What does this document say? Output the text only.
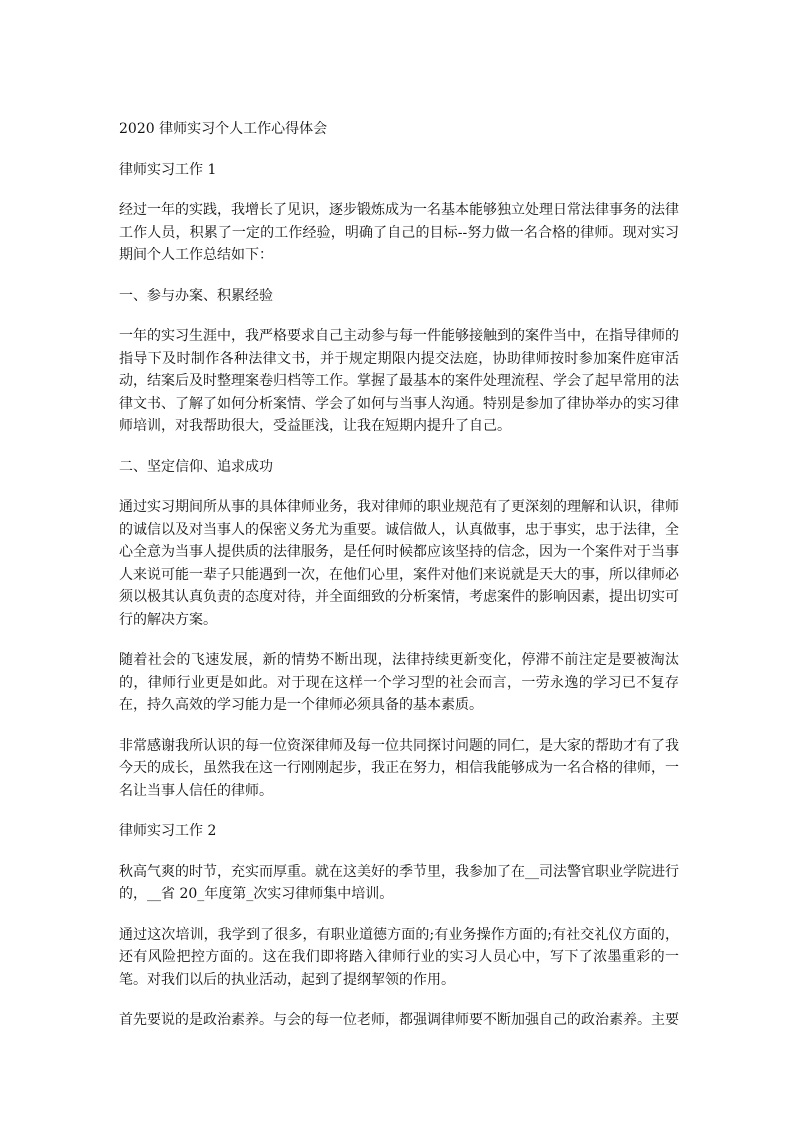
2020 律师实习个人工作心得体会
律师实习工作 1

经过一年的实践，我增长了见识，逐步锻炼成为一名基本能够独立处理日常法律事务的法律工作人员，积累了一定的工作经验，明确了自己的目标--努力做一名合格的律师。现对实习期间个人工作总结如下：

一、参与办案、积累经验

一年的实习生涯中，我严格要求自己主动参与每一件能够接触到的案件当中，在指导律师的指导下及时制作各种法律文书，并于规定期限内提交法庭，协助律师按时参加案件庭审活动，结案后及时整理案卷归档等工作。掌握了最基本的案件处理流程、学会了起早常用的法律文书、了解了如何分析案情、学会了如何与当事人沟通。特别是参加了律协举办的实习律师培训，对我帮助很大，受益匪浅，让我在短期内提升了自己。

二、坚定信仰、追求成功

通过实习期间所从事的具体律师业务，我对律师的职业规范有了更深刻的理解和认识，律师的诚信以及对当事人的保密义务尤为重要。诚信做人，认真做事，忠于事实，忠于法律，全心全意为当事人提供质的法律服务，是任何时候都应该坚持的信念，因为一个案件对于当事人来说可能一辈子只能遇到一次，在他们心里，案件对他们来说就是天大的事，所以律师必须以极其认真负责的态度对待，并全面细致的分析案情，考虑案件的影响因素，提出切实可行的解决方案。

随着社会的飞速发展，新的情势不断出现，法律持续更新变化，停滞不前注定是要被淘汰的，律师行业更是如此。对于现在这样一个学习型的社会而言，一劳永逸的学习已不复存在，持久高效的学习能力是一个律师必须具备的基本素质。

非常感谢我所认识的每一位资深律师及每一位共同探讨问题的同仁，是大家的帮助才有了我今天的成长，虽然我在这一行刚刚起步，我正在努力，相信我能够成为一名合格的律师，一名让当事人信任的律师。

律师实习工作 2

秋高气爽的时节，充实而厚重。就在这美好的季节里，我参加了在__司法警官职业学院进行的，__省 20_年度第_次实习律师集中培训。

通过这次培训，我学到了很多，有职业道德方面的;有业务操作方面的;有社交礼仪方面的，还有风险把控方面的。这在我们即将踏入律师行业的实习人员心中，写下了浓墨重彩的一笔。对我们以后的执业活动，起到了提纲挈领的作用。

首先要说的是政治素养。与会的每一位老师，都强调律师要不断加强自己的政治素养。主要
